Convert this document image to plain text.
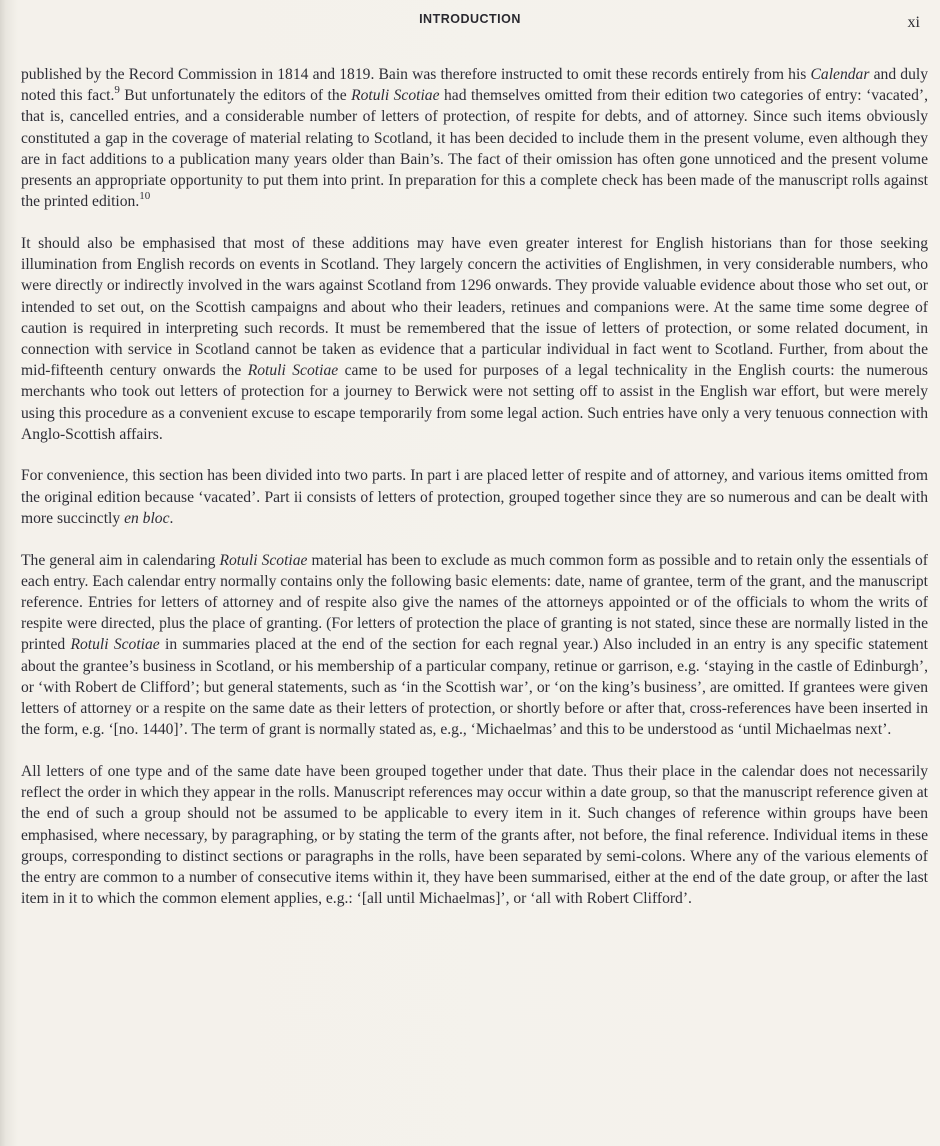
INTRODUCTION	xi

published by the Record Commission in 1814 and 1819. Bain was therefore instructed to omit these records entirely from his Calendar and duly noted this fact.$^9$ But unfortunately the editors of the Rotuli Scotiae had themselves omitted from their edition two categories of entry: ‘vacated’, that is, cancelled entries, and a considerable number of letters of protection, of respite for debts, and of attorney. Since such items obviously constituted a gap in the coverage of material relating to Scotland, it has been decided to include them in the present volume, even although they are in fact additions to a publication many years older than Bain’s. The fact of their omission has often gone unnoticed and the present volume presents an appropriate opportunity to put them into print. In preparation for this a complete check has been made of the manuscript rolls against the printed edition.$^{10}$

It should also be emphasised that most of these additions may have even greater interest for English historians than for those seeking illumination from English records on events in Scotland. They largely concern the activities of Englishmen, in very considerable numbers, who were directly or indirectly involved in the wars against Scotland from 1296 onwards. They provide valuable evidence about those who set out, or intended to set out, on the Scottish campaigns and about who their leaders, retinues and companions were. At the same time some degree of caution is required in interpreting such records. It must be remembered that the issue of letters of protection, or some related document, in connection with service in Scotland cannot be taken as evidence that a particular individual in fact went to Scotland. Further, from about the mid-fifteenth century onwards the Rotuli Scotiae came to be used for purposes of a legal technicality in the English courts: the numerous merchants who took out letters of protection for a journey to Berwick were not setting off to assist in the English war effort, but were merely using this procedure as a convenient excuse to escape temporarily from some legal action. Such entries have only a very tenuous connection with Anglo-Scottish affairs.

For convenience, this section has been divided into two parts. In part i are placed letter of respite and of attorney, and various items omitted from the original edition because ‘vacated’. Part ii consists of letters of protection, grouped together since they are so numerous and can be dealt with more succinctly en bloc.

The general aim in calendaring Rotuli Scotiae material has been to exclude as much common form as possible and to retain only the essentials of each entry. Each calendar entry normally contains only the following basic elements: date, name of grantee, term of the grant, and the manuscript reference. Entries for letters of attorney and of respite also give the names of the attorneys appointed or of the officials to whom the writs of respite were directed, plus the place of granting. (For letters of protection the place of granting is not stated, since these are normally listed in the printed Rotuli Scotiae in summaries placed at the end of the section for each regnal year.) Also included in an entry is any specific statement about the grantee’s business in Scotland, or his membership of a particular company, retinue or garrison, e.g. ‘staying in the castle of Edinburgh’, or ‘with Robert de Clifford’; but general statements, such as ‘in the Scottish war’, or ‘on the king’s business’, are omitted. If grantees were given letters of attorney or a respite on the same date as their letters of protection, or shortly before or after that, cross-references have been inserted in the form, e.g. ‘[no. 1440]’. The term of grant is normally stated as, e.g., ‘Michaelmas’ and this to be understood as ‘until Michaelmas next’.

All letters of one type and of the same date have been grouped together under that date. Thus their place in the calendar does not necessarily reflect the order in which they appear in the rolls. Manuscript references may occur within a date group, so that the manuscript reference given at the end of such a group should not be assumed to be applicable to every item in it. Such changes of reference within groups have been emphasised, where necessary, by paragraphing, or by stating the term of the grants after, not before, the final reference. Individual items in these groups, corresponding to distinct sections or paragraphs in the rolls, have been separated by semi-colons. Where any of the various elements of the entry are common to a number of consecutive items within it, they have been summarised, either at the end of the date group, or after the last item in it to which the common element applies, e.g.: ‘[all until Michaelmas]’, or ‘all with Robert Clifford’.
